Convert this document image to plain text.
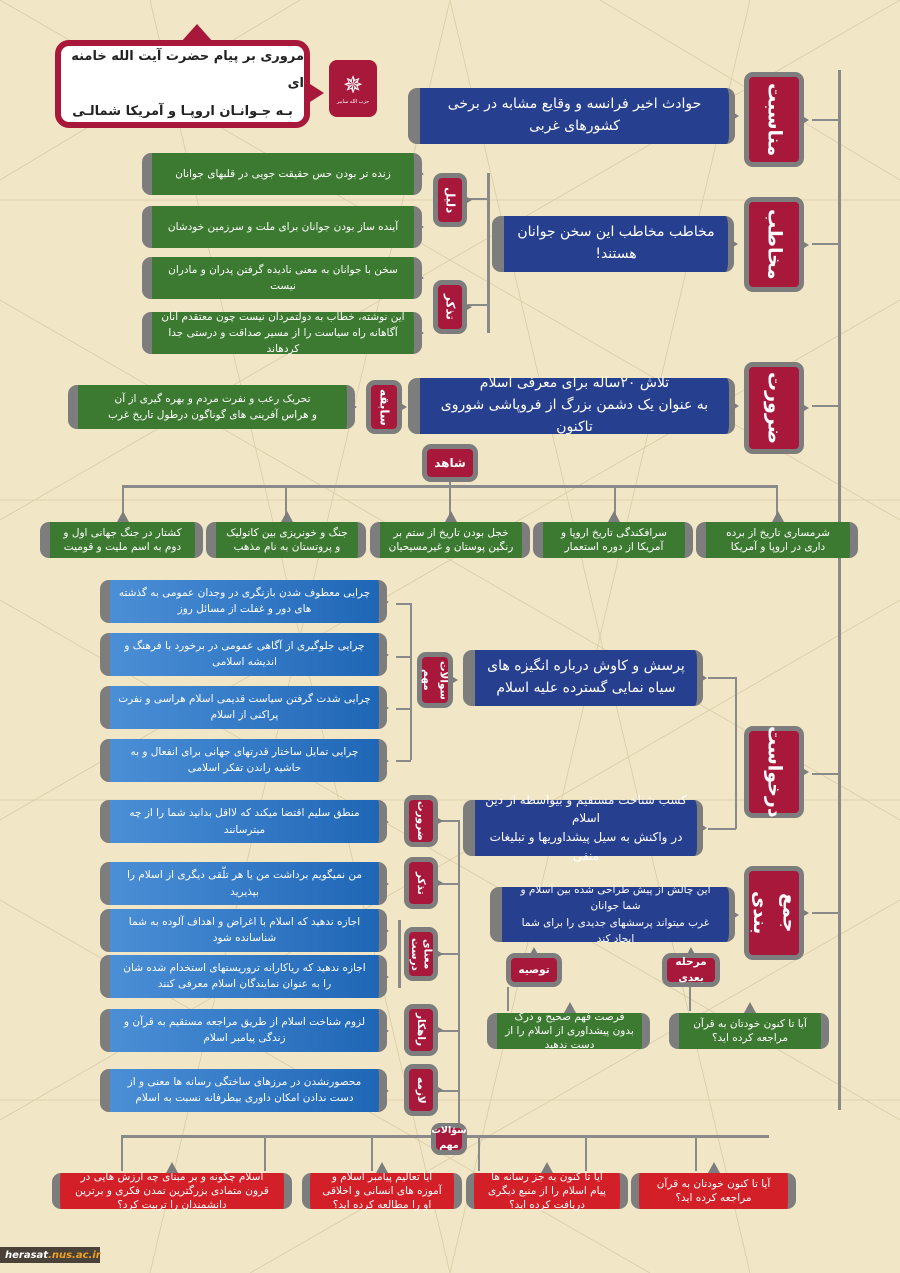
مروری بر پیام حضرت آیت الله خامنه ای
بـه جـوانـان اروپـا و آمریکا شمالـی
✵
حزب الله سایبر	مناسبت
حوادث اخیر فرانسه و وقایع مشابه در برخی کشورهای غربی
مخاطب
مخاطب مخاطب این سخن جوانان هستند!
دلیل
تذکر
زنده تر بودن حس حقیقت جویی در قلبهای جوانان
آینده ساز بودن جوانان برای ملت و سرزمین خودشان
سخن با جوانان به معنی نادیده گرفتن پدران و مادران نیست
این نوشته، خطاب به دولتمردان نیست چون معتقدم آنان آگاهانه راه سیاست را از مسیر صداقت و درستی جدا کردهاند
ضرورت
تلاش ۲۰ساله برای معرفی اسلام
به عنوان یک دشمن بزرگ از فروپاشی شوروی تاکنون
سابقه
تحریک رعب و نفرت مردم و بهره گیری از آن
و هراس آفرینی های گوناگون درطول تاریخ غرب
شاهد
شرمساری تاریخ از برده داری در اروپا و آمریکا
سرافکندگی تاریخ اروپا و آمریکا از دوره استعمار
خجل بودن تاریخ از ستم بر رنگین پوستان و غیرمسیحیان
جنگ و خونریزی بین کاتولیک و پروتستان به نام مذهب
کشتار در جنگ جهانی اول و دوم به اسم ملیت و قومیت
درخواست
پرسش و کاوش درباره انگیزه های
سیاه نمایی گسترده علیه اسلام
سوالات مهم
چرایی معطوف شدن بازنگری در وجدان عمومی به گذشته های دور و غفلت از مسائل روز
چرایی جلوگیری از آگاهی عمومی در برخورد با فرهنگ و اندیشه اسلامی
چرایی شدت گرفتن سیاست قدیمی اسلام هراسی و نفرت پراکنی از اسلام
چرایی تمایل ساختار قدرتهای جهانی برای انفعال و به حاشیه راندن تفکر اسلامی
کسب شناخت مستقیم و بیواسطه از دین اسلام
در واکنش به سیل پیشداوریها و تبلیغات منفی
ضرورت
منطق سلیم اقتضا میکند که لااقل بدانید شما را از چه میترسانند
تذکر
من نمیگویم برداشت من یا هر تلّقی دیگری از اسلام را بپذیرید
معنای درست
اجازه ندهید که اسلام با اغراض و اهداف آلوده به شما شناسانده شود
اجازه ندهید که ریاکارانه تروریستهای استخدام شده شان را به عنوان نمایندگان اسلام معرفی کنند
راهکار
لزوم شناخت اسلام از طریق مراجعه مستقیم به قرآن و زندگی پیامبر اسلام
لازمه
محصورنشدن در مرزهای ساختگی رسانه ها معنی و از دست ندادن امکان داوری بیطرفانه نسبت به اسلام
جمع بندی
این چالش از پیش طراحی شده بین اسلام و شما جوانان
غرب میتواند پرسشهای جدیدی را برای شما ایجاد کند
توصیه
مرحله بعدی
فرصت فهم صحیح و درک بدون پیشداوری از اسلام را از دست ندهید
آیا تا کنون خودتان به قرآن مراجعه کرده اید؟
سؤالات مهم
آیا تا کنون خودتان به قرآن مراجعه کرده اید؟
آیا تا کنون به جز رسانه ها پیام اسلام را از منبع دیگری دریافت کرده اید؟
آیا تعالیم پیامبر اسلام و آموزه های انسانی و اخلاقی او را مطالعه کرده اید؟
اسلام چگونه و بر مبنای چه ارزش هایی در قرون متمادی بزرگترین تمدن فکری و برترین دانشمندان را تربیت کرد؟
herasat .nus.ac.ir
